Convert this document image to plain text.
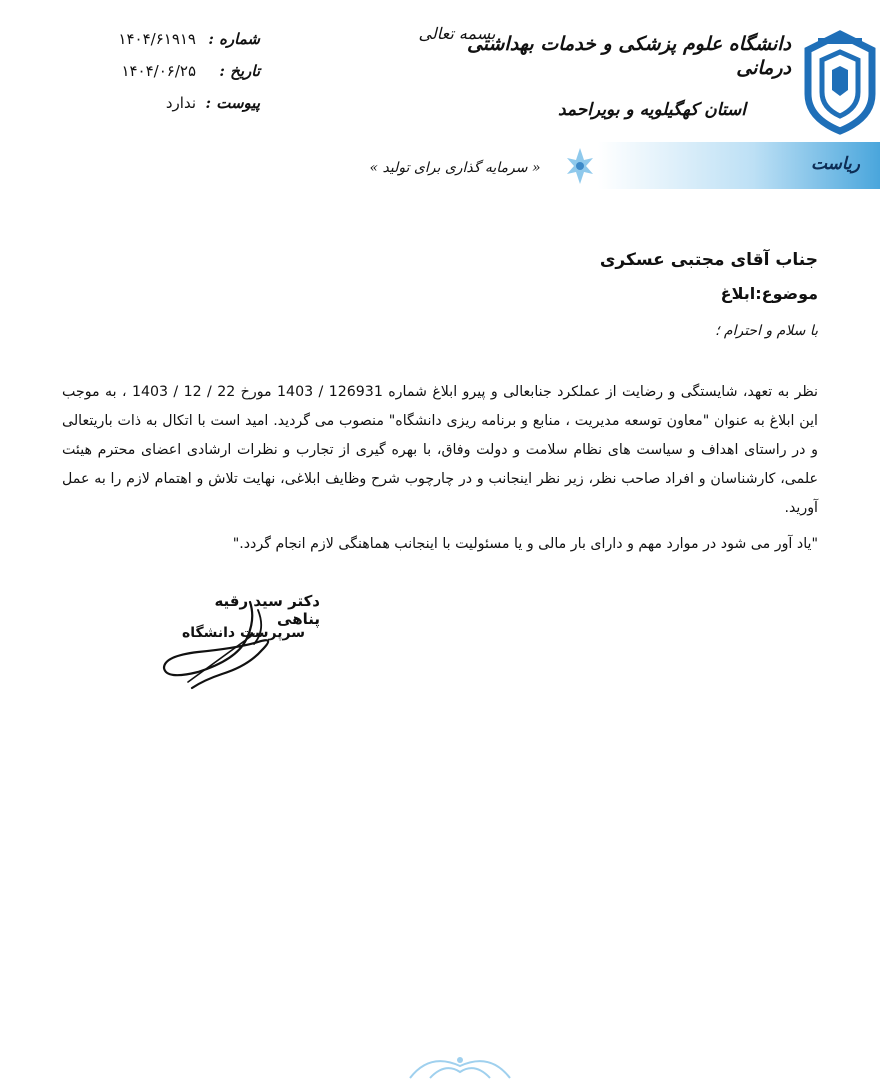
دانشگاه علوم پزشکی و خدمات بهداشتی درمانی
استان کهگیلویه و بویراحمد
بسمه تعالی
شماره :
۱۴۰۴/۶۱۹۱۹
تاریخ :
۱۴۰۴/۰۶/۲۵
پیوست :
ندارد
ریاست
« سرمایه گذاری برای تولید »
جناب آقای مجتبی عسکری
موضوع:ابلاغ
با سلام و احترام ؛

نظر به تعهد، شایستگی و رضایت از عملکرد جنابعالی و پیرو ابلاغ شماره 126931 / 1403 مورخ 22 / 12 / 1403 ، به موجب این ابلاغ به عنوان "معاون توسعه مدیریت ، منابع و برنامه ریزی دانشگاه" منصوب می گردید. امید است با اتکال به ذات باریتعالی و در راستای اهداف و سیاست های نظام سلامت و دولت وفاق، با بهره گیری از تجارب و نظرات ارشادی اعضای محترم هیئت علمی، کارشناسان و افراد صاحب نظر، زیر نظر اینجانب و در چارچوب شرح وظایف ابلاغی، نهایت تلاش و اهتمام لازم را به عمل آورید.

"یاد آور می شود در موارد مهم و دارای بار مالی و یا مسئولیت با اینجانب هماهنگی لازم انجام گردد."
دکتر سید رقیه پناهی
سرپرست دانشگاه
